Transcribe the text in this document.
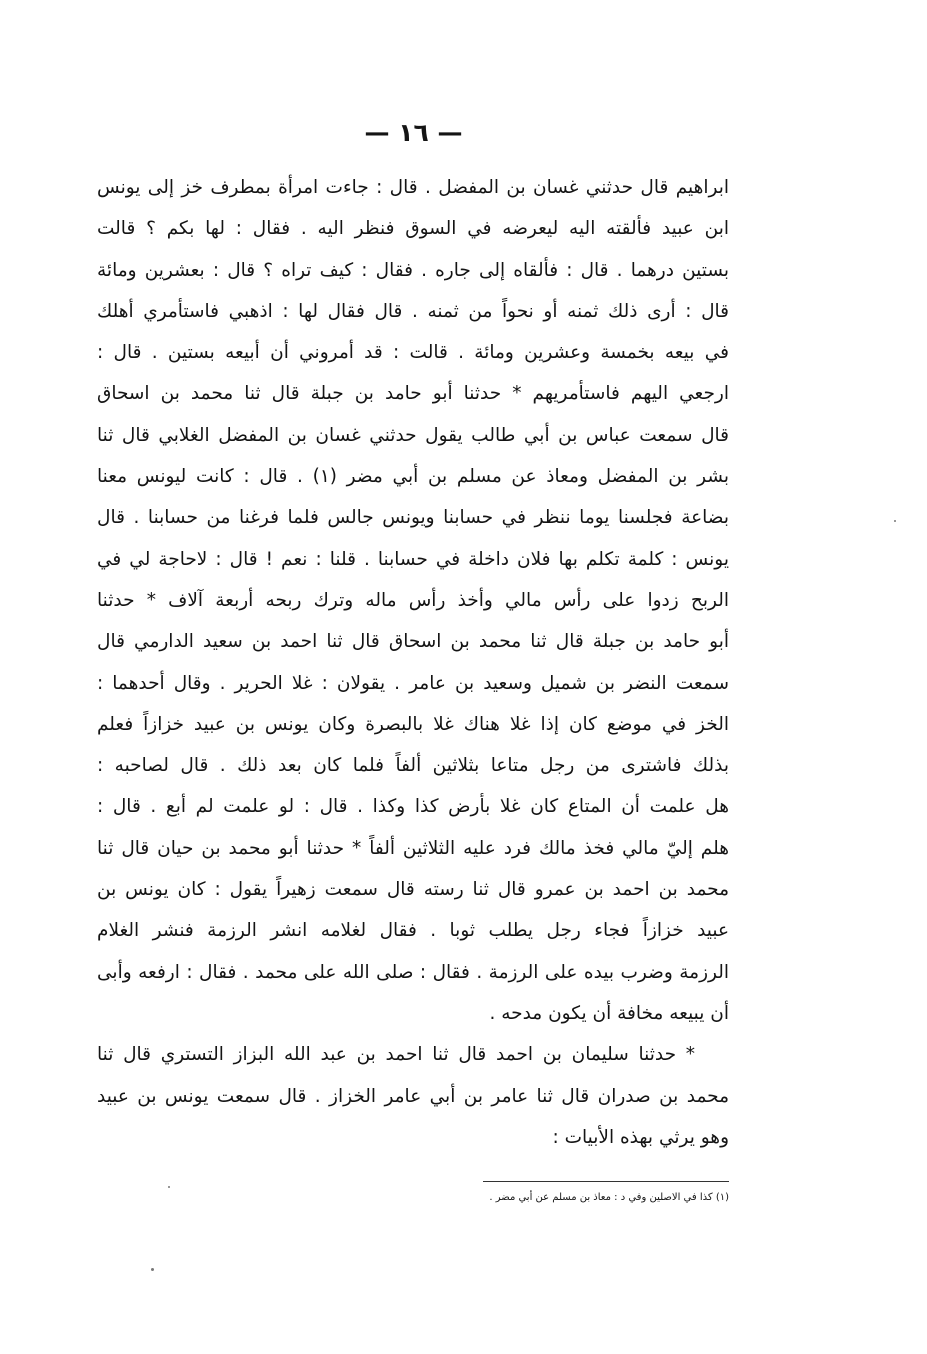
— ١٦ —
ابراهيم قال حدثني غسان بن المفضل . قال : جاءت امرأة بمطرف خز إلى يونس
ابن عبيد فألقته اليه ليعرضه في السوق فنظر اليه . فقال : لها بكم ؟ قالت
بستين درهما . قال : فألقاه إلى جاره . فقال : كيف تراه ؟ قال : بعشرين ومائة
قال : أرى ذلك ثمنه أو نحواً من ثمنه . قال فقال لها : اذهبي فاستأمري أهلك
في بيعه بخمسة وعشرين ومائة . قالت : قد أمروني أن أبيعه بستين . قال :
ارجعي اليهم فاستأمريهم * حدثنا أبو حامد بن جبلة قال ثنا محمد بن اسحاق
قال سمعت عباس بن أبي طالب يقول حدثني غسان بن المفضل الغلابي قال ثنا
بشر بن المفضل ومعاذ عن مسلم بن أبي مضر (١) . قال : كانت ليونس معنا
بضاعة فجلسنا يوما ننظر في حسابنا ويونس جالس فلما فرغنا من حسابنا . قال
يونس : كلمة تكلم بها فلان داخلة في حسابنا . قلنا : نعم ! قال : لاحاجة لي في
الربح زدوا على رأس مالي وأخذ رأس ماله وترك ربحه أربعة آلاف * حدثنا
أبو حامد بن جبلة قال ثنا محمد بن اسحاق قال ثنا احمد بن سعيد الدارمي قال
سمعت النضر بن شميل وسعيد بن عامر . يقولان : غلا الحرير . وقال أحدهما :
الخز في موضع كان إذا غلا هناك غلا بالبصرة وكان يونس بن عبيد خزازاً فعلم
بذلك فاشترى من رجل متاعا بثلاثين ألفاً فلما كان بعد ذلك . قال لصاحبه :
هل علمت أن المتاع كان غلا بأرض كذا وكذا . قال : لو علمت لم أبع . قال :
هلم إليّ مالي فخذ مالك فرد عليه الثلاثين ألفاً * حدثنا أبو محمد بن حيان قال ثنا
محمد بن احمد بن عمرو قال ثنا رسته قال سمعت زهيراً يقول : كان يونس بن
عبيد خزازاً فجاء رجل يطلب ثوبا . فقال لغلامه انشر الرزمة فنشر الغلام
الرزمة وضرب بيده على الرزمة . فقال : صلى الله على محمد . فقال : ارفعه وأبى
أن يبيعه مخافة أن يكون مدحه .
* حدثنا سليمان بن احمد قال ثنا احمد بن عبد الله البزاز التستري قال ثنا
محمد بن صدران قال ثنا عامر بن أبي عامر الخزاز . قال سمعت يونس بن عبيد
وهو يرثي بهذه الأبيات :
(١) كذا في الاصلين وفي د : معاذ بن مسلم عن أبي مضر .
